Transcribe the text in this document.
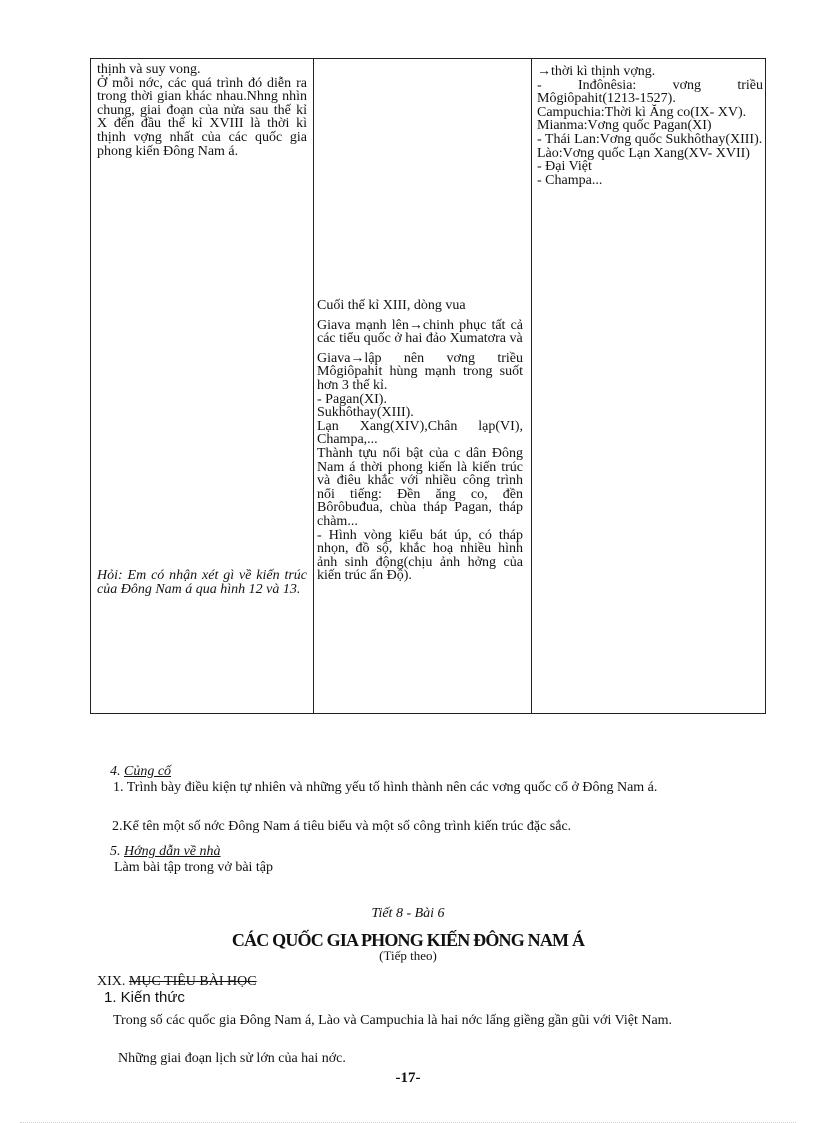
thịnh và suy vong.
Ở mỗi nớc, các quá trình đó diễn ra trong thời gian khác nhau.Nhng nhìn chung, giai đoạn của nửa sau thế kỉ X đến đầu thế kỉ XVIII là thời kì thịnh vợng nhất của các quốc gia phong kiến Đông Nam á.
Hỏi: Em có nhận xét gì về kiến trúc của Đông Nam á qua hình 12 và 13.
Cuối thế kỉ XIII, dòng vua
Giava mạnh lên→chinh phục tất cả các tiểu quốc ở hai đảo Xumatơra và
Giava→lập nên vơng triều Môgiôpahit hùng mạnh trong suốt hơn 3 thế kỉ.
- Pagan(XI).
Sukhôthay(XIII).
Lạn Xang(XIV),Chân lạp(VI), Champa,...
Thành tựu nổi bật của c dân Đông Nam á thời phong kiến là kiến trúc và điêu khắc với nhiều công trình nổi tiếng: Đền ăng co, đền Bôrôbuđua, chùa tháp Pagan, tháp chàm...
- Hình vòng kiểu bát úp, có tháp nhọn, đồ sộ, khắc hoạ nhiều hình ảnh sinh động(chịu ảnh hởng của kiến trúc ấn Độ).
→thời kì thịnh vợng.
- Inđônêsia: vơng triều Môgiôpahit(1213-1527).
Campuchia:Thời kì Ăng co(IX- XV).
Mianma:Vơng quốc Pagan(XI)
- Thái Lan:Vơng quốc Sukhôthay(XIII).
Lào:Vơng quốc Lạn Xang(XV- XVII)
- Đại Việt
- Champa...
4. Củng cố
1. Trình bày điều kiện tự nhiên và những yếu tố hình thành nên các vơng quốc cổ ở Đông Nam á.
2.Kể tên một số nớc Đông Nam á tiêu biểu và một số công trình kiến trúc đặc sắc.
5. Hớng dẫn về nhà
Làm bài tập trong vở bài tập
Tiết 8 - Bài 6
CÁC QUỐC GIA PHONG KIẾN ĐÔNG NAM Á
(Tiếp theo)
XIX. MỤC TIÊU BÀI HỌC
1. Kiến thức
Trong số các quốc gia Đông Nam á, Lào và Campuchia là hai nớc lấng giềng gần gũi với Việt Nam.
Những giai đoạn lịch sử lớn của hai nớc.
-17-
